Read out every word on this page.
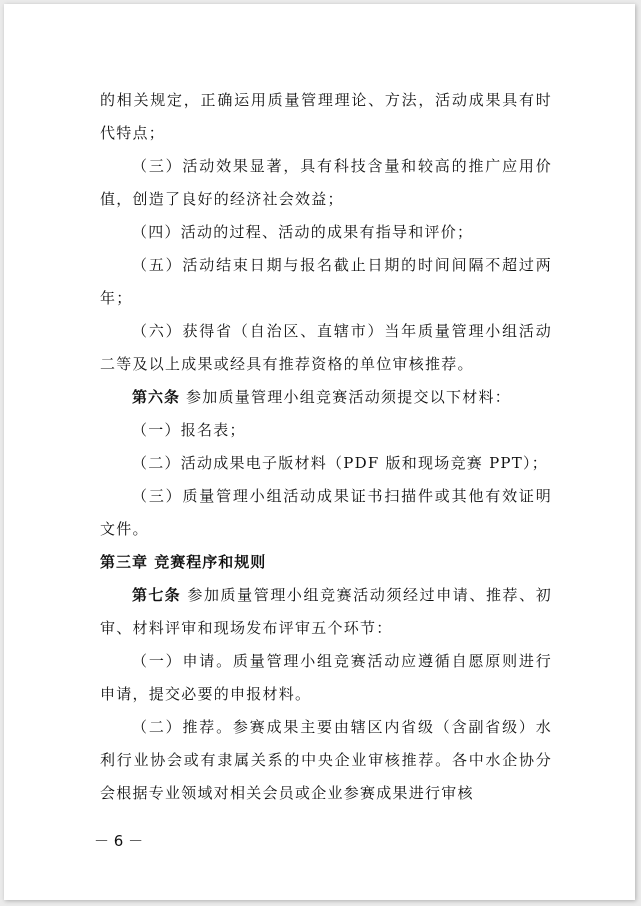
的相关规定，正确运用质量管理理论、方法，活动成果具有时代特点；

（三）活动效果显著，具有科技含量和较高的推广应用价值，创造了良好的经济社会效益；

（四）活动的过程、活动的成果有指导和评价；

（五）活动结束日期与报名截止日期的时间间隔不超过两年；

（六）获得省（自治区、直辖市）当年质量管理小组活动二等及以上成果或经具有推荐资格的单位审核推荐。

第六条 参加质量管理小组竞赛活动须提交以下材料：

（一）报名表；

（二）活动成果电子版材料（PDF 版和现场竞赛 PPT）；

（三）质量管理小组活动成果证书扫描件或其他有效证明文件。

第三章 竞赛程序和规则

第七条 参加质量管理小组竞赛活动须经过申请、推荐、初审、材料评审和现场发布评审五个环节：

（一）申请。质量管理小组竞赛活动应遵循自愿原则进行申请，提交必要的申报材料。

（二）推荐。参赛成果主要由辖区内省级（含副省级）水利行业协会或有隶属关系的中央企业审核推荐。各中水企协分会根据专业领域对相关会员或企业参赛成果进行审核

－ 6 －
